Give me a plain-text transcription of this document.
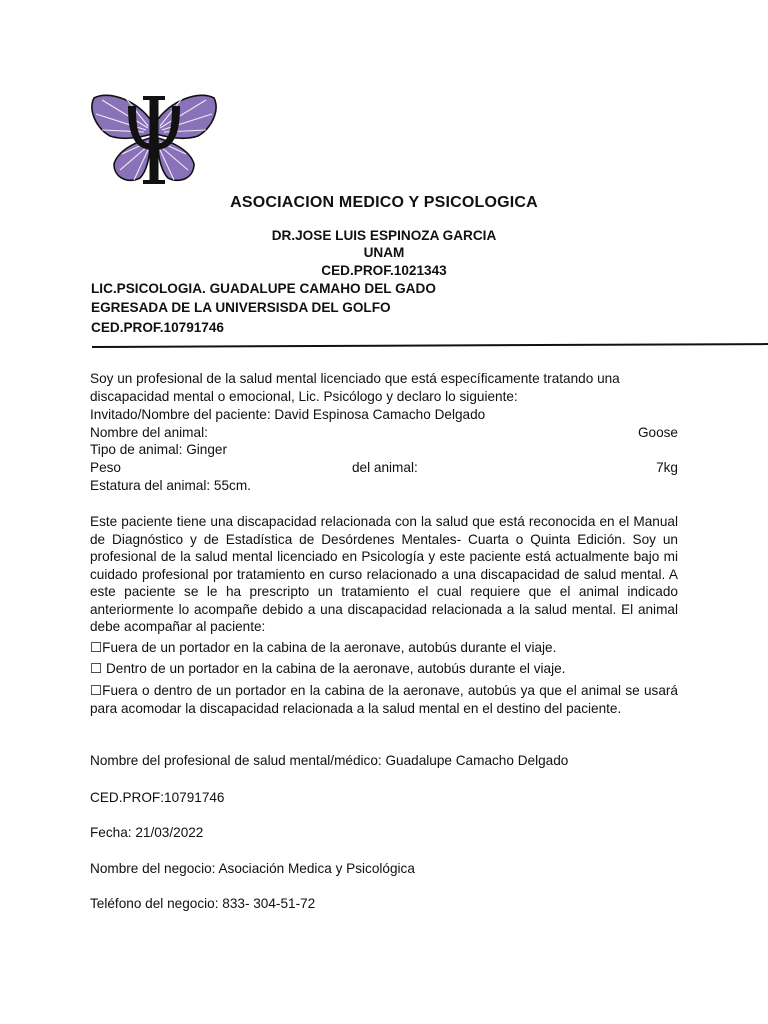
ASOCIACION MEDICO Y PSICOLOGICA
DR.JOSE LUIS ESPINOZA GARCIA
UNAM
CED.PROF.1021343
LIC.PSICOLOGIA. GUADALUPE CAMAHO DEL GADO
EGRESADA DE LA UNIVERSISDA DEL GOLFO
CED.PROF.10791746
Soy un profesional de la salud mental licenciado que está específicamente tratando una discapacidad mental o emocional, Lic. Psicólogo y declaro lo siguiente:
Invitado/Nombre del paciente: David Espinosa Camacho Delgado
Nombre del animal:	Goose
Tipo de animal: Ginger
Peso	del animal:	7kg
Estatura del animal: 55cm.
Este paciente tiene una discapacidad relacionada con la salud que está reconocida en el Manual de Diagnóstico y de Estadística de Desórdenes Mentales- Cuarta o Quinta Edición. Soy un profesional de la salud mental licenciado en Psicología y este paciente está actualmente bajo mi cuidado profesional por tratamiento en curso relacionado a una discapacidad de salud mental. A este paciente se le ha prescripto un tratamiento el cual requiere que el animal indicado anteriormente lo acompañe debido a una discapacidad relacionada a la salud mental. El animal debe acompañar al paciente:
☐Fuera de un portador en la cabina de la aeronave, autobús durante el viaje.
☐ Dentro de un portador en la cabina de la aeronave, autobús durante el viaje.
☐Fuera o dentro de un portador en la cabina de la aeronave, autobús ya que el animal se usará para acomodar la discapacidad relacionada a la salud mental en el destino del paciente.
Nombre del profesional de salud mental/médico: Guadalupe Camacho Delgado
CED.PROF:10791746
Fecha: 21/03/2022
Nombre del negocio: Asociación Medica y Psicológica
Teléfono del negocio: 833- 304-51-72
